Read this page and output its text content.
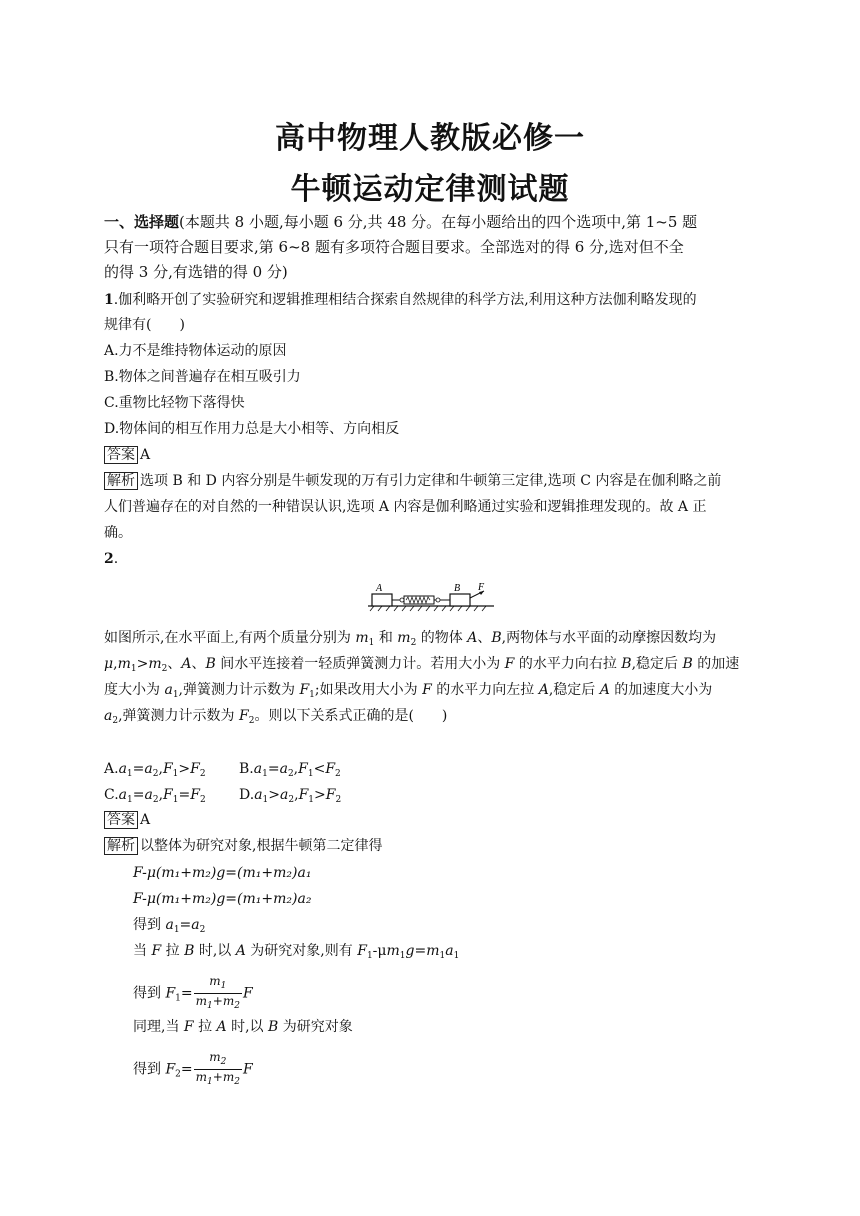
高中物理人教版必修一
牛顿运动定律测试题
一、选择题(本题共 8 小题,每小题 6 分,共 48 分。在每小题给出的四个选项中,第 1~5 题
只有一项符合题目要求,第 6~8 题有多项符合题目要求。全部选对的得 6 分,选对但不全
的得 3 分,有选错的得 0 分)
1.伽利略开创了实验研究和逻辑推理相结合探索自然规律的科学方法,利用这种方法伽利略发现的
规律有(　　)
A.力不是维持物体运动的原因
B.物体之间普遍存在相互吸引力
C.重物比轻物下落得快
D.物体间的相互作用力总是大小相等、方向相反
答案 A
解析 选项 B 和 D 内容分别是牛顿发现的万有引力定律和牛顿第三定律,选项 C 内容是在伽利略之前
人们普遍存在的对自然的一种错误认识,选项 A 内容是伽利略通过实验和逻辑推理发现的。故 A 正
确。
2.
A	B F
如图所示,在水平面上,有两个质量分别为 $m_1$ 和 $m_2$ 的物体 A、B,两物体与水平面的动摩擦因数均为
$\mu,m_1>m_2$、A、B 间水平连接着一轻质弹簧测力计。若用大小为 F 的水平力向右拉 B,稳定后 B 的加速
度大小为 $a_1$,弹簧测力计示数为 $F_1$;如果改用大小为 F 的水平力向左拉 A,稳定后 A 的加速度大小为
$a_2$,弹簧测力计示数为 $F_2$。则以下关系式正确的是(　　)
$A.a_1=a_2,F_1>F_2$ $B.a_1=a_2,F_1<F_2$
$C.a_1=a_2,F_1=F_2$ $D.a_1>a_2,F_1>F_2$
答案 A
解析 以整体为研究对象,根据牛顿第二定律得
F-μ(m₁+m₂)g=(m₁+m₂)a₁
F-μ(m₁+m₂)g=(m₁+m₂)a₂
得到 $a_1=a_2$
当 F 拉 B 时,以 A 为研究对象,则有 $F_1-\mu m_1g=m_1a_1$
得到 $F_1= \frac{m_1}{m_1+m_2}$ F
同理,当 F 拉 A 时,以 B 为研究对象
得到 $F_2= \frac{m_2}{m_1+m_2}$ F
